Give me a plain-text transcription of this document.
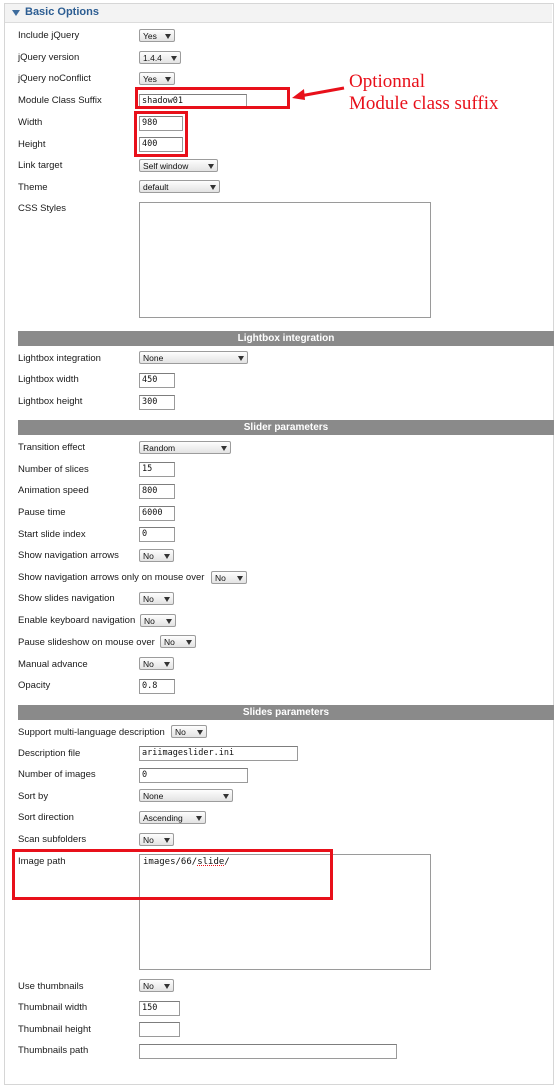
Basic Options
Include jQuery	Yes
jQuery version	1.4.4
jQuery noConflict	Yes
Module Class Suffix	shadow01
Width	980
Height	400
Link target	Self window
Theme	default
CSS Styles
Optionnal
Module class suffix
Lightbox integration
Lightbox integration	None
Lightbox width	450
Lightbox height	300
Slider parameters
Transition effect	Random
Number of slices	15
Animation speed	800
Pause time	6000
Start slide index	0
Show navigation arrows	No
Show navigation arrows only on mouse over	No
Show slides navigation	No
Enable keyboard navigation	No
Pause slideshow on mouse over	No
Manual advance	No
Opacity	0.8
Slides parameters
Support multi-language description	No
Description file	ariimageslider.ini
Number of images	0
Sort by	None
Sort direction	Ascending
Scan subfolders	No
Image path	images/66/slide/
Use thumbnails	No
Thumbnail width	150
Thumbnail height
Thumbnails path
